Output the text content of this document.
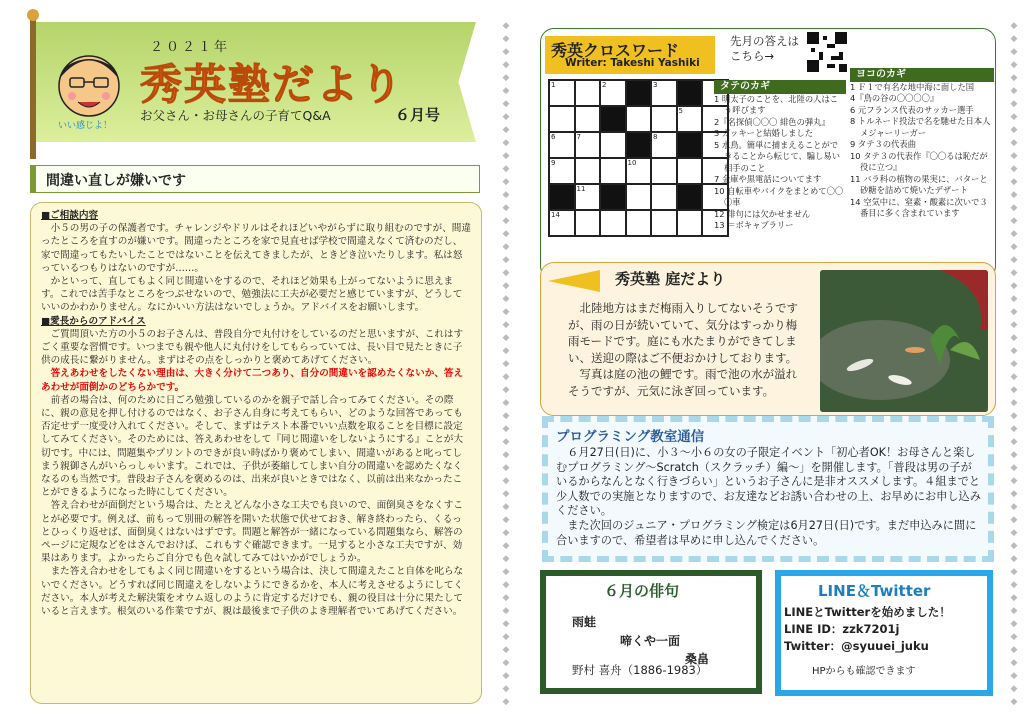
いい感じよ！
２０２１年
秀英塾だより
お父さん・お母さんの子育てQ&A	６月号
◆
◆
◆
◆
◆
◆
◆
◆
◆
◆
◆
◆
◆
◆
◆
◆
◆
◆
◆
◆
◆
◆
◆
◆
◆
◆
◆
◆
◆
◆
◆
◆
◆
◆
◆
◆
◆
◆
◆
◆
◆
◆
◆
◆
◆
◆
◆
◆
◆
◆
◆
◆
◆
◆
◆
◆
◆
◆
◆
◆
◆
◆
◆
◆
◆
◆
◆
◆
◆
◆
◆
◆
◆
◆
◆
◆
◆
◆
◆
◆
◆
◆
◆
◆
◆
◆
◆
◆
◆
◆
◆
◆
◆
◆
◆
◆
◆
◆
◆
◆
◆
◆
◆
◆
◆
◆
間違い直しが嫌いです
■ご相談内容

小５の男の子の保護者です。チャレンジやドリルはそれほどいやがらずに取り組むのですが、間違ったところを直すのが嫌いです。間違ったところを家で見直せば学校で間違えなくて済むのだし、家で間違ってもたいしたことではないことを伝えてきましたが、ときどき泣いたりします。私は怒っているつもりはないのですが……。

かといって、直してもよく同じ間違いをするので、それほど効果も上がってないように思えます。これでは苦手なところをつぶせないので、勉強法に工夫が必要だと感じていますが、どうしていいのかわかりません。なにかいい方法はないでしょうか。アドバイスをお願いします。

■愛長からのアドバイス

ご質問頂いた方の小５のお子さんは、普段自分で丸付けをしているのだと思いますが、これはすごく重要な習慣です。いつまでも親や他人に丸付けをしてもらっていては、長い目で見たときに子供の成長に繋がりません。まずはその点をしっかりと褒めてあげてください。

答えあわせをしたくない理由は、大きく分けて二つあり、自分の間違いを認めたくないか、答えあわせが面倒かのどちらかです。

前者の場合は、何のために日ごろ勉強しているのかを親子で話し合ってみてください。その際に、親の意見を押し付けるのではなく、お子さん自身に考えてもらい、どのような回答であっても否定せず一度受け入れてください。そして、まずはテスト本番でいい点数を取ることを目標に設定してみてください。そのためには、答えあわせをして『同じ間違いをしないようにする』ことが大切です。中には、問題集やプリントのできが良い時ばかり褒めてしまい、間違いがあると叱ってしまう親御さんがいらっしゃいます。これでは、子供が萎縮してしまい自分の間違いを認めたくなくなるのも当然です。普段お子さんを褒めるのは、出来が良いときではなく、以前は出来なかったことができるようになった時にしてください。

答え合わせが面倒だという場合は、たとえどんな小さな工夫でも良いので、面倒臭さをなくすことが必要です。例えば、前もって別冊の解答を開いた状態で伏せておき、解き終わったら、くるっとひっくり返せば、面倒臭くはないはずです。問題と解答が一緒になっている問題集なら、解答のページに定規などをはさんでおけば、これもすぐ確認できます。一見すると小さな工夫ですが、効果はあります。よかったらご自分でも色々試してみてはいかがでしょうか。

また答え合わせをしてもよく同じ間違いをするという場合は、決して間違えたこと自体を叱らないでください。どうすれば同じ間違えをしないようにできるかを、本人に考えさせるようにしてください。本人が考えた解決策をオウム返しのように肯定するだけでも、親の役目は十分に果たしていると言えます。根気のいる作業ですが、親は最後まで子供のよき理解者でいてあげてください。

秀英クロスワード
Writer: Takeshi Yashiki
先月の答えは
こちら→
1	2	3
5
6	7	8
9	10
11
14
タテのカギ
1 明太子のことを、北陸の人はこう呼びます
2『名探偵〇〇〇 緋色の弾丸』
3 ガッキーと結婚しました
5 水鳥。簡単に捕まえることができることから転じて、騙し易い相手のこと
7 金庫や黒電話についてます
10 自転車やバイクをまとめて〇〇〇車
12 俳句には欠かせません
13 ＝ボキャブラリー
ヨコのカギ
1 Ｆ１で有名な地中海に面した国
4『鳥の谷の〇〇〇〇』
6 元フランス代表のサッカー選手
8 トルネード投法で名を馳せた日本人メジャーリーガー
9 タテ３の代表曲
10 タテ３の代表作『〇〇るは恥だが役に立つ』
11 バラ科の植物の果実に、バターと砂糖を詰めて焼いたデザート
14 空気中に、窒素・酸素に次いで３番目に多く含まれています
秀英塾 庭だより

北陸地方はまだ梅雨入りしてないそうですが、雨の日が続いていて、気分はすっかり梅雨モードです。庭にも水たまりができてしまい、送迎の際はご不便おかけしております。

写真は庭の池の鯉です。雨で池の水が溢れそうですが、元気に泳ぎ回っています。

プログラミング教室通信

６月27日(日)に、小３〜小６の女の子限定イベント「初心者OK！お母さんと楽しむプログラミング〜Scratch（スクラッチ）編〜」を開催します。「普段は男の子がいるからなんとなく行きづらい」というお子さんに是非オススメします。４組までと少人数での実施となりますので、お友達などお誘い合わせの上、お早めにお申し込みください。

また次回のジュニア・プログラミング検定は6月27日(日)です。まだ申込みに間に合いますので、希望者は早めに申し込んでください。

６月の俳句
雨蛙
啼くや一面
桑畠
野村 喜舟（1886-1983）
LINE＆Twitter
LINEとTwitterを始めました！
LINE ID：zzk7201j
Twitter：@syuuei_juku
HPからも確認できます
